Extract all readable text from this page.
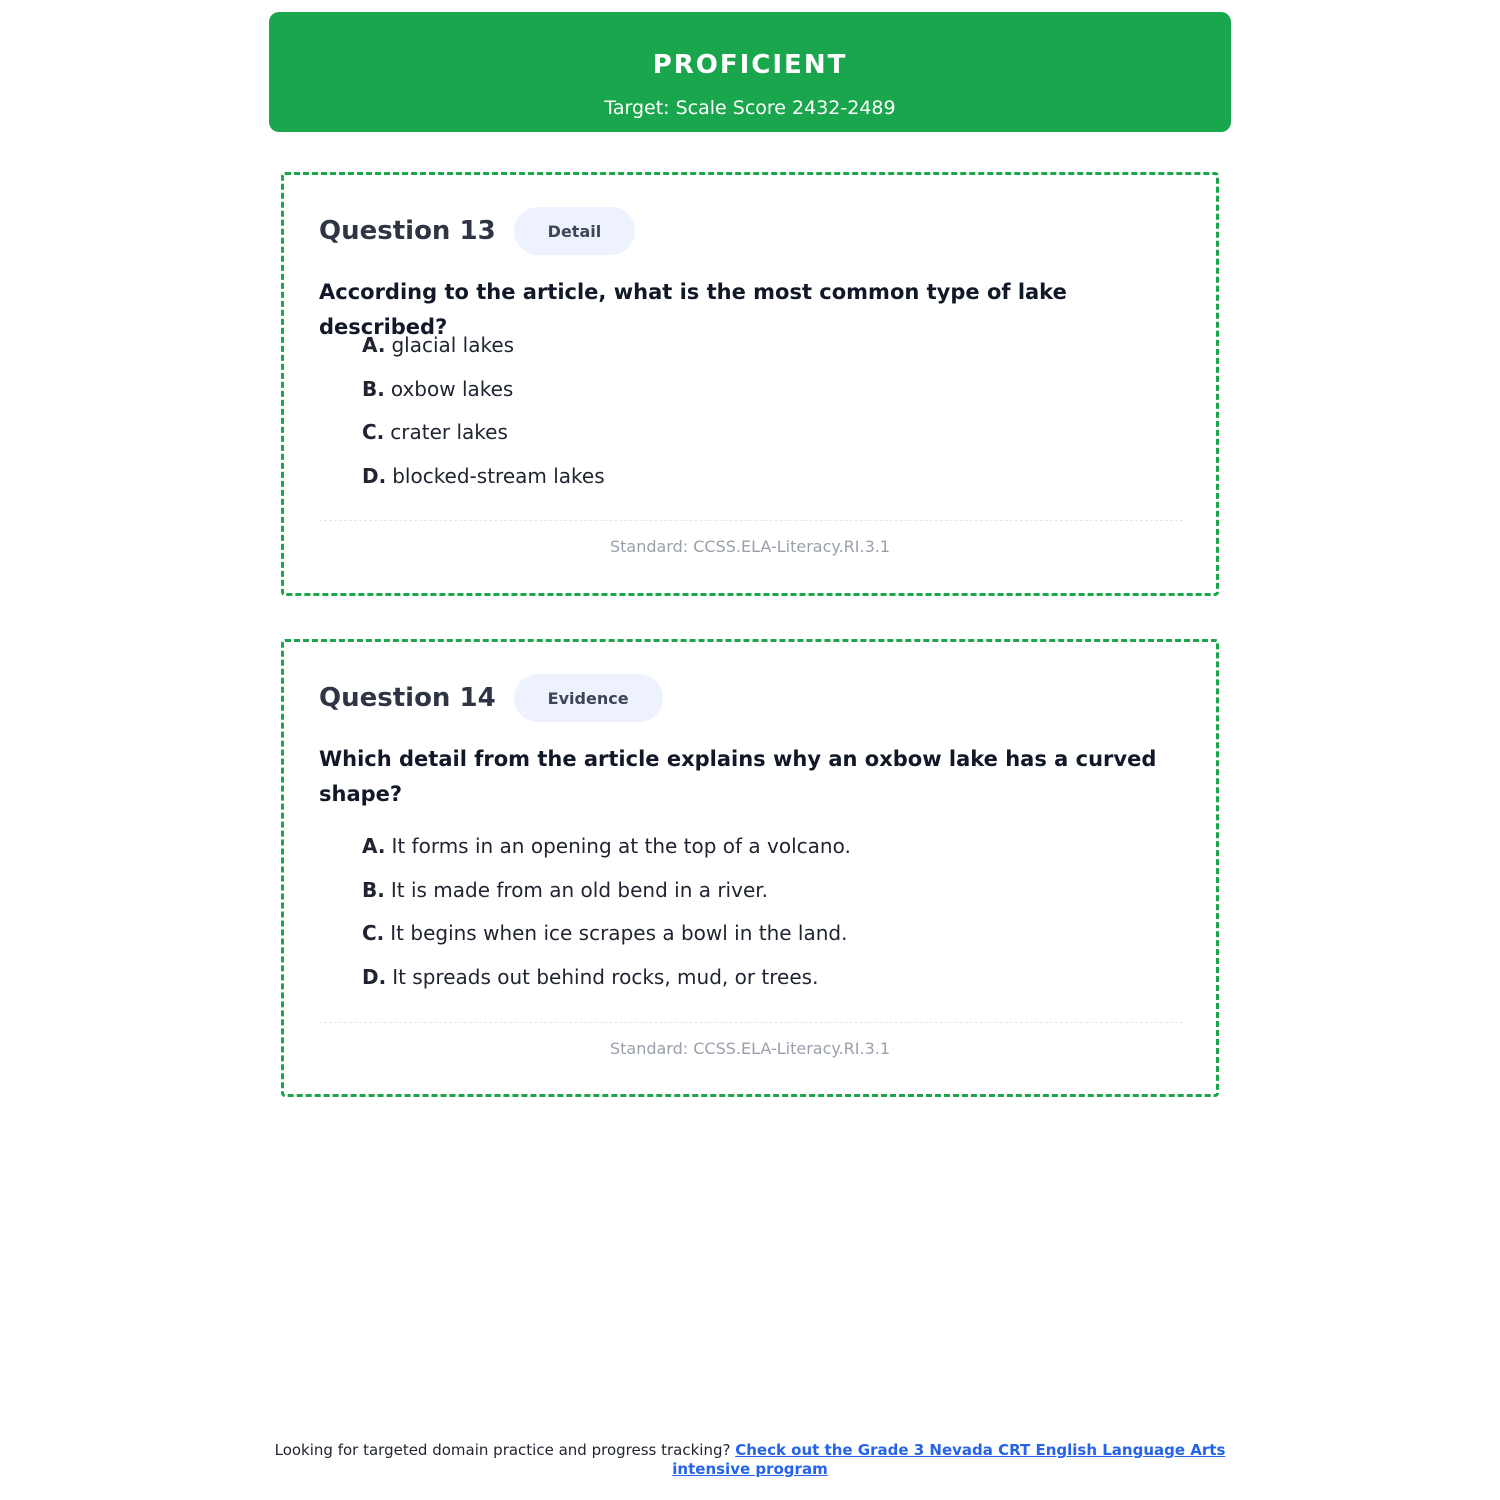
PROFICIENT
Target: Scale Score 2432-2489
Question 13	Detail
According to the article, what is the most common type of lake described?
A. glacial lakes
B. oxbow lakes
C. crater lakes
D. blocked-stream lakes
Standard: CCSS.ELA-Literacy.RI.3.1
Question 14	Evidence
Which detail from the article explains why an oxbow lake has a curved shape?
A. It forms in an opening at the top of a volcano.
B. It is made from an old bend in a river.
C. It begins when ice scrapes a bowl in the land.
D. It spreads out behind rocks, mud, or trees.
Standard: CCSS.ELA-Literacy.RI.3.1
Looking for targeted domain practice and progress tracking? Check out the Grade 3 Nevada CRT English Language Arts intensive program
